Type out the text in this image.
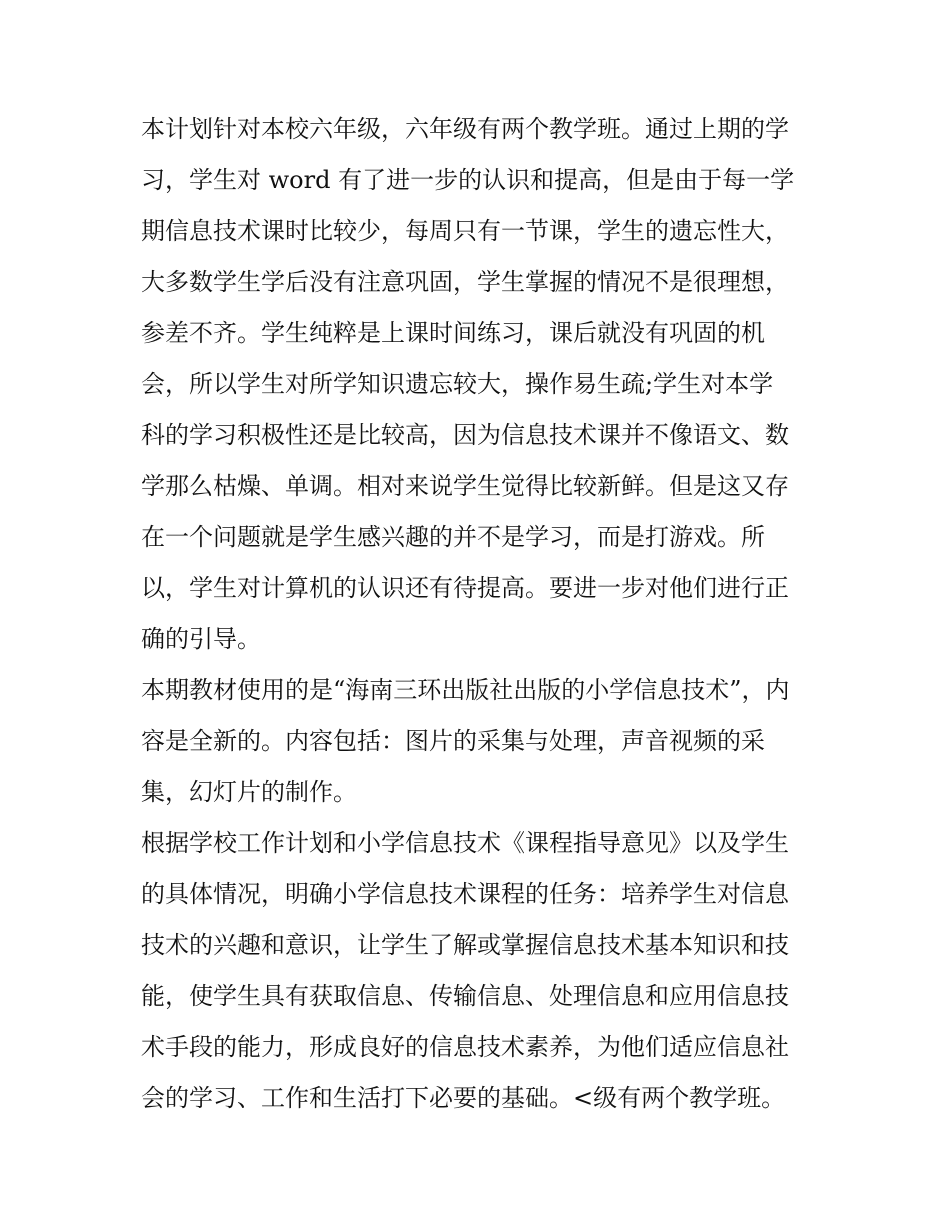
本计划针对本校六年级，六年级有两个教学班。通过上期的学
习，学生对 word 有了进一步的认识和提高，但是由于每一学
期信息技术课时比较少，每周只有一节课，学生的遗忘性大，
大多数学生学后没有注意巩固，学生掌握的情况不是很理想，
参差不齐。学生纯粹是上课时间练习，课后就没有巩固的机
会，所以学生对所学知识遗忘较大，操作易生疏;学生对本学
科的学习积极性还是比较高，因为信息技术课并不像语文、数
学那么枯燥、单调。相对来说学生觉得比较新鲜。但是这又存
在一个问题就是学生感兴趣的并不是学习，而是打游戏。所
以，学生对计算机的认识还有待提高。要进一步对他们进行正
确的引导。
本期教材使用的是“海南三环出版社出版的小学信息技术”，内
容是全新的。内容包括：图片的采集与处理，声音视频的采
集，幻灯片的制作。
根据学校工作计划和小学信息技术《课程指导意见》以及学生
的具体情况，明确小学信息技术课程的任务：培养学生对信息
技术的兴趣和意识，让学生了解或掌握信息技术基本知识和技
能，使学生具有获取信息、传输信息、处理信息和应用信息技
术手段的能力，形成良好的信息技术素养，为他们适应信息社
会的学习、工作和生活打下必要的基础。<级有两个教学班。
